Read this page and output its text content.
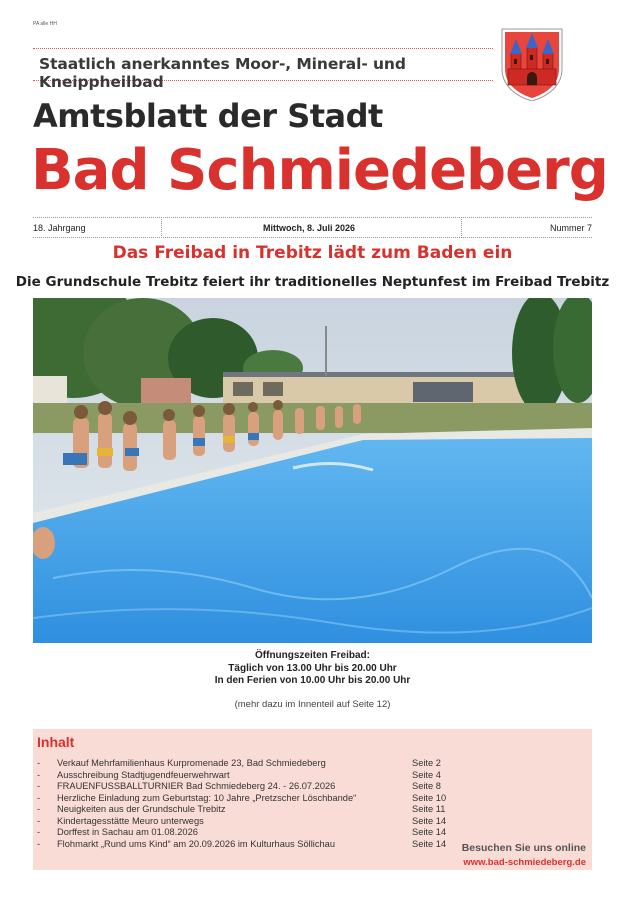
PA alle HH
Staatlich anerkanntes Moor-, Mineral- und Kneippheilbad
Amtsblatt der Stadt
Bad Schmiedeberg
18. Jahrgang	Mittwoch, 8. Juli 2026	Nummer 7
Das Freibad in Trebitz lädt zum Baden ein
Die Grundschule Trebitz feiert ihr traditionelles Neptunfest im Freibad Trebitz
Öffnungszeiten Freibad:
Täglich von 13.00 Uhr bis 20.00 Uhr
In den Ferien von 10.00 Uhr bis 20.00 Uhr
(mehr dazu im Innenteil auf Seite 12)
Inhalt
- Verkauf Mehrfamilienhaus Kurpromenade 23, Bad Schmiedeberg	Seite 2
- Ausschreibung Stadtjugendfeuerwehrwart	Seite 4
- FRAUENFUSSBALLTURNIER Bad Schmiedeberg 24. - 26.07.2026	Seite 8
- Herzliche Einladung zum Geburtstag: 10 Jahre „Pretzscher Löschbande“	Seite 10
- Neuigkeiten aus der Grundschule Trebitz	Seite 11
- Kindertagesstätte Meuro unterwegs	Seite 14
- Dorffest in Sachau am 01.08.2026	Seite 14
- Flohmarkt „Rund ums Kind“ am 20.09.2026 im Kulturhaus Söllichau	Seite 14 Besuchen Sie uns online
www.bad-schmiedeberg.de
